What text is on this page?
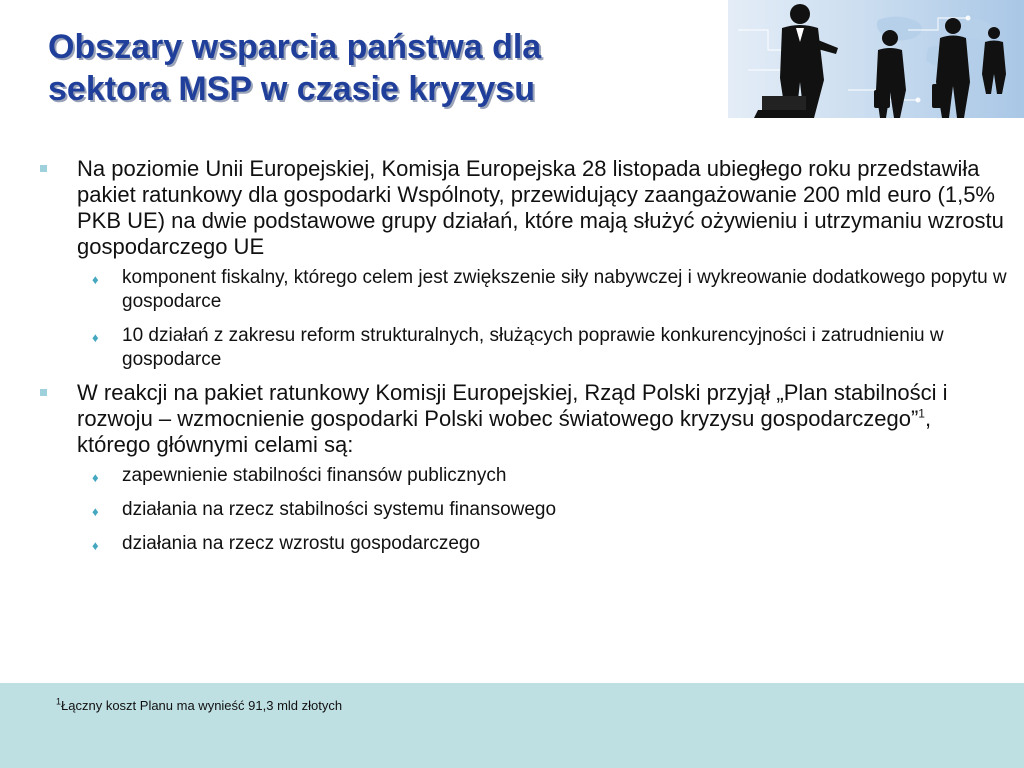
Obszary wsparcia państwa dla
sektora MSP w czasie kryzysu
Na poziomie Unii Europejskiej, Komisja Europejska 28 listopada ubiegłego roku przedstawiła pakiet ratunkowy dla gospodarki Wspólnoty, przewidujący zaangażowanie 200 mld euro (1,5% PKB UE) na dwie podstawowe grupy działań, które mają służyć ożywieniu i utrzymaniu wzrostu gospodarczego UE
♦ komponent fiskalny, którego celem jest zwiększenie siły nabywczej i wykreowanie dodatkowego popytu w gospodarce
♦ 10 działań z zakresu reform strukturalnych, służących poprawie konkurencyjności i zatrudnieniu w gospodarce
W reakcji na pakiet ratunkowy Komisji Europejskiej, Rząd Polski przyjął „Plan stabilności i rozwoju – wzmocnienie gospodarki Polski wobec światowego kryzysu gospodarczego”$^1$, którego głównymi celami są:
♦ zapewnienie stabilności finansów publicznych
♦ działania na rzecz stabilności systemu finansowego
♦ działania na rzecz wzrostu gospodarczego
$^1$Łączny koszt Planu ma wynieść 91,3 mld złotych
